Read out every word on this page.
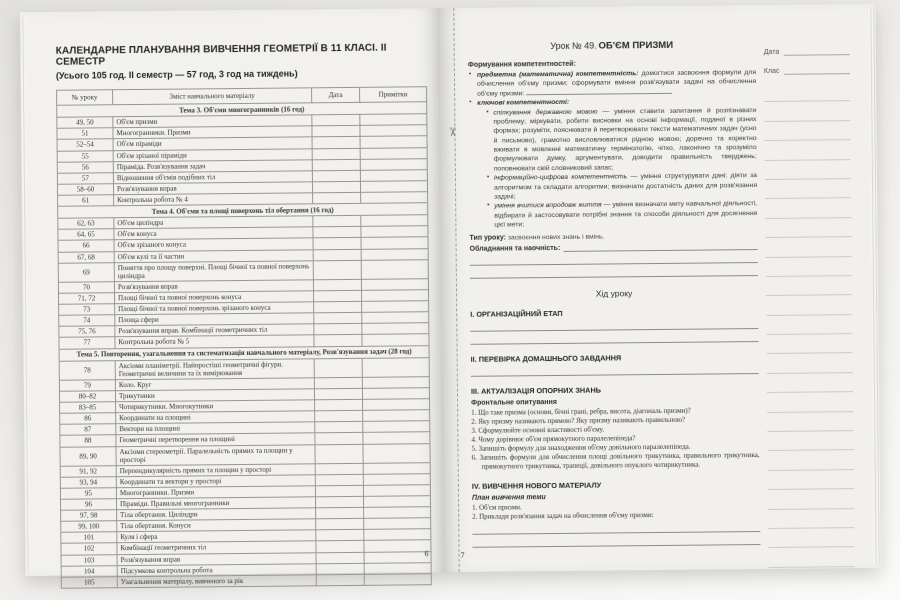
КАЛЕНДАРНЕ ПЛАНУВАННЯ ВИВЧЕННЯ ГЕОМЕТРІЇ В 11 КЛАСІ. ІІ СЕМЕСТР
(Усього 105 год. ІІ семестр — 57 год, 3 год на тиждень)
№ уроку	Зміст навчального матеріалу	Дата	Примітки
Тема 3. Об'єми многогранників (16 год)			
49, 50	Об'єм призми		
51	Многогранники. Призми		
52–54	Об'єм піраміди		
55	Об'єм зрізаної піраміди		
56	Піраміда. Розв'язування задач		
57	Відношення об'ємів подібних тіл		
58–60	Розв'язування вправ		
61	Контрольна робота № 4		
Тема 4. Об'єми та площі поверхонь тіл обертання (16 год)			
62, 63	Об'єм циліндра		
64, 65	Об'єм конуса		
66	Об'єм зрізаного конуса		
67, 68	Об'єм кулі та її частин		
69	Поняття про площу поверхні. Площі бічної та повної поверхонь циліндра		
70	Розв'язування вправ		
71, 72	Площі бічної та повної поверхонь конуса		
73	Площі бічної та повної поверхонь зрізаного конуса		
74	Площа сфери		
75, 76	Розв'язування вправ. Комбінації геометричних тіл		
77	Контрольна робота № 5		
Тема 5. Повторення, узагальнення та систематизація навчального матеріалу, Розв'язування задач (28 год)			
78	Аксіоми планіметрії. Найпростіші геометричні фігури. Геометричні величини та їх вимірювання		
79	Коло. Круг		
80–82	Трикутники		
83–85	Чотирикутники. Многокутники		
86	Координати на площині		
87	Вектори на площині		
88	Геометричні перетворення на площині		
89, 90	Аксіоми стереометрії. Паралельність прямих та площин у просторі		
91, 92	Перпендикулярність прямих та площин у просторі		
93, 94	Координати та вектори у просторі		
95	Многогранники. Призми		
96	Піраміди. Правильні многогранники		
97, 98	Тіла обертання. Циліндри		
99, 100	Тіла обертання. Конуси		
101	Куля і сфера		
102	Комбінації геометричних тіл		
103	Розв'язування вправ		
104	Підсумкова контрольна робота		
105	Узагальнення матеріалу, вивченого за рік		
6
✂
Урок № 49. ОБ'ЄМ ПРИЗМИ
Формування компетентностей:
• предметна (математична) компетентність: домогтися засвоєння формули для обчислення об'єму призми; сформувати вміння розв'язувати задачі на обчислення об'єму призми:
• ключові компетентності:
▪ спілкування державною мовою — уміння ставити запитання й розпізнавати проблему; міркувати, робити висновки на основі інформації, поданої в різних формах; розуміти, пояснювати й перетворювати тексти математичних задач (усно й письмово), грамотно висловлюватися рідною мовою; доречно та коректно вживати в мовленні математичну термінологію, чітко, лаконічно та зрозуміло формулювати думку, аргументувати, доводити правильність тверджень; поповнювати свій словниковий запас;
▪ інформаційно-цифрова компетентність — уміння структурувати дані; діяти за алгоритмом та складати алгоритми; визначати достатність даних для розв'язання задачі;
▪ уміння вчитися впродовж життя — уміння визначати мету навчальної діяльності, відбирати й застосовувати потрібні знання та способи діяльності для досягнення цієї мети;
Тип уроку: засвоєння нових знань і вмінь.
Обладнання та наочність:
Хід уроку
І. ОРГАНІЗАЦІЙНИЙ ЕТАП
ІІ. ПЕРЕВІРКА ДОМАШНЬОГО ЗАВДАННЯ
ІІІ. АКТУАЛІЗАЦІЯ ОПОРНИХ ЗНАНЬ
Фронтальне опитування
1. Що таке призма (основи, бічні грані, ребра, висота, діагональ призми)?
2. Яку призму називають прямою? Яку призму називають правильною?
3. Сформулюйте основні властивості об'єму.
4. Чому дорівнює об'єм прямокутного паралелепіпеда?
5. Запишіть формулу для знаходження об'єму довільного паралелепіпеда.
6. Запишіть формули для обчислення площі довільного трикутника, правильного трикутника, прямокутного трикутника, трапеції, довільного опуклого чотирикутника.
IV. ВИВЧЕННЯ НОВОГО МАТЕРІАЛУ
План вивчення теми
1. Об'єм призми.
2. Приклади розв'язання задач на обчислення об'єму призми:
Дата
Клас
7
